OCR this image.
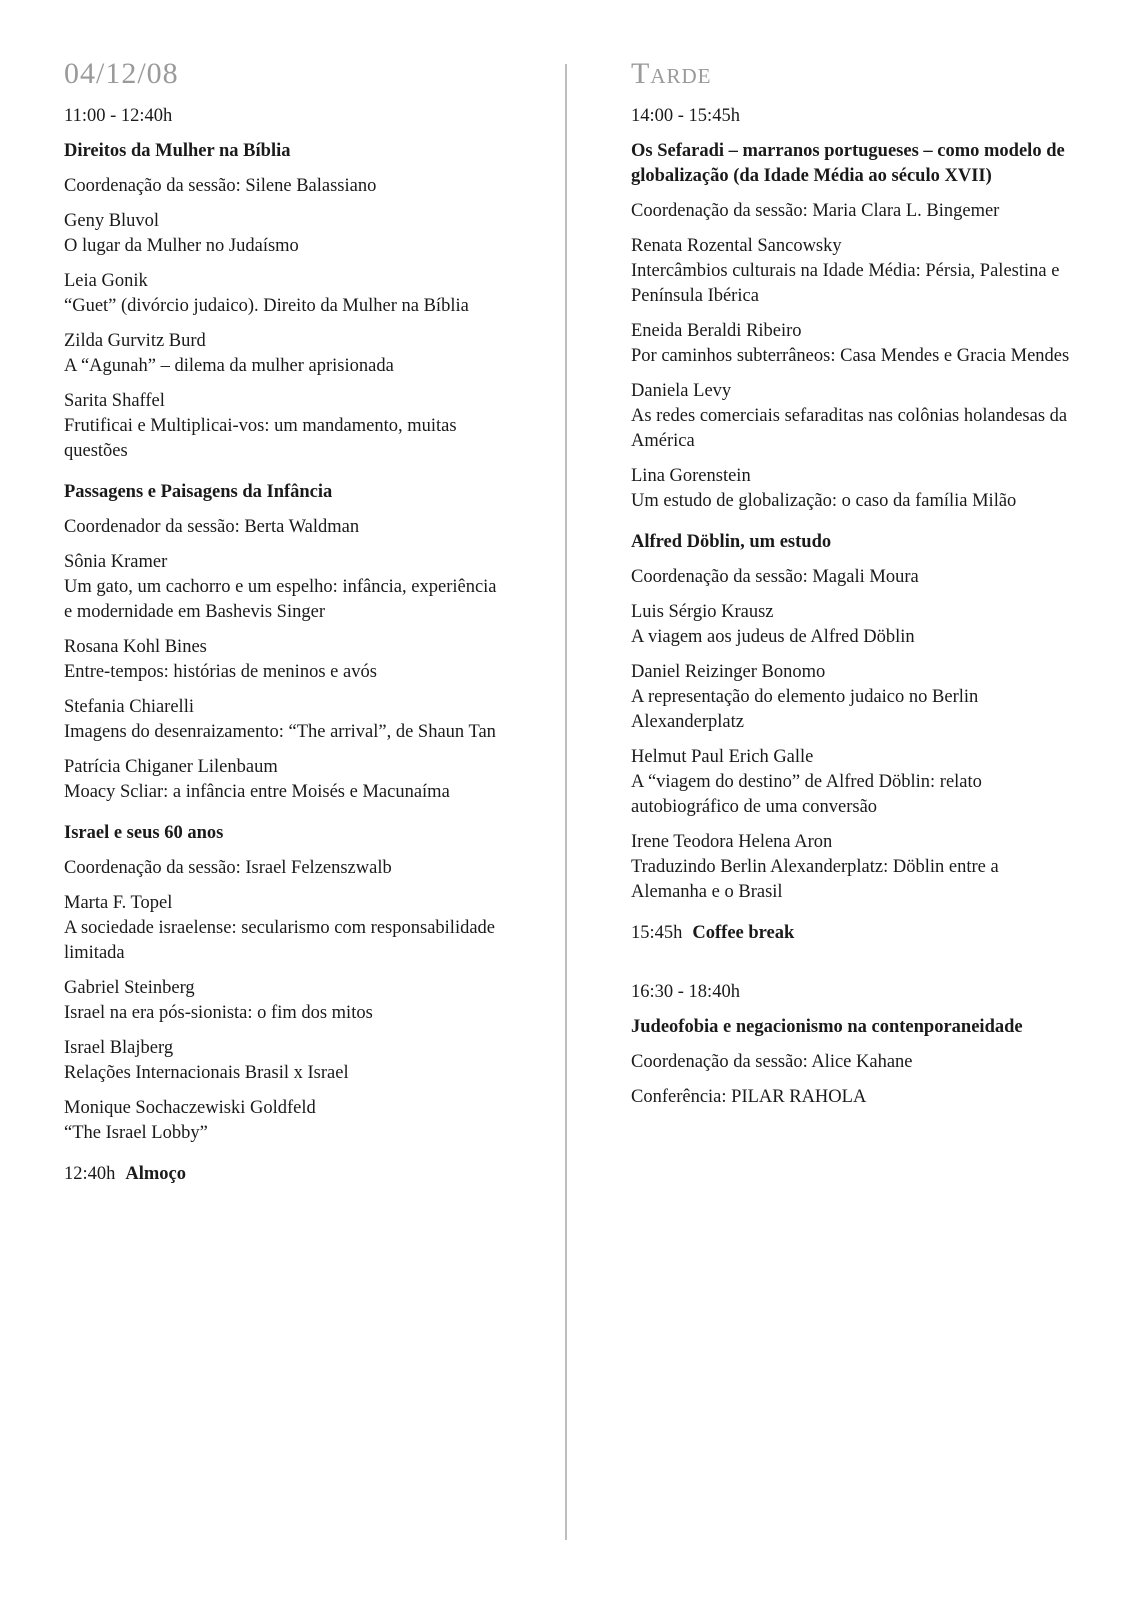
04/12/08
11:00 - 12:40h
Direitos da Mulher na Bíblia
Coordenação da sessão: Silene Balassiano
Geny Bluvol
O lugar da Mulher no Judaísmo
Leia Gonik
“Guet” (divórcio judaico). Direito da Mulher na Bíblia
Zilda Gurvitz Burd
A “Agunah” – dilema da mulher aprisionada
Sarita Shaffel
Frutificai e Multiplicai-vos: um mandamento, muitas questões
Passagens e Paisagens da Infância
Coordenador da sessão: Berta Waldman
Sônia Kramer
Um gato, um cachorro e um espelho: infância, experiência e modernidade em Bashevis Singer
Rosana Kohl Bines
Entre-tempos: histórias de meninos e avós
Stefania Chiarelli
Imagens do desenraizamento: “The arrival”, de Shaun Tan
Patrícia Chiganer Lilenbaum
Moacy Scliar: a infância entre Moisés e Macunaíma
Israel e seus 60 anos
Coordenação da sessão: Israel Felzenszwalb
Marta F. Topel
A sociedade israelense: secularismo com responsabilidade limitada
Gabriel Steinberg
Israel na era pós-sionista: o fim dos mitos
Israel Blajberg
Relações Internacionais Brasil x Israel
Monique Sochaczewiski Goldfeld
“The Israel Lobby”
12:40h Almoço
Tarde
14:00 - 15:45h
Os Sefaradi – marranos portugueses – como modelo de globalização (da Idade Média ao século XVII)
Coordenação da sessão: Maria Clara L. Bingemer
Renata Rozental Sancowsky
Intercâmbios culturais na Idade Média: Pérsia, Palestina e Península Ibérica
Eneida Beraldi Ribeiro
Por caminhos subterrâneos: Casa Mendes e Gracia Mendes
Daniela Levy
As redes comerciais sefaraditas nas colônias holandesas da América
Lina Gorenstein
Um estudo de globalização: o caso da família Milão
Alfred Döblin, um estudo
Coordenação da sessão: Magali Moura
Luis Sérgio Krausz
A viagem aos judeus de Alfred Döblin
Daniel Reizinger Bonomo
A representação do elemento judaico no Berlin Alexanderplatz
Helmut Paul Erich Galle
A “viagem do destino” de Alfred Döblin: relato autobiográfico de uma conversão
Irene Teodora Helena Aron
Traduzindo Berlin Alexanderplatz: Döblin entre a Alemanha e o Brasil
15:45h Coffee break
16:30 - 18:40h
Judeofobia e negacionismo na contenporaneidade
Coordenação da sessão: Alice Kahane
Conferência: PILAR RAHOLA
